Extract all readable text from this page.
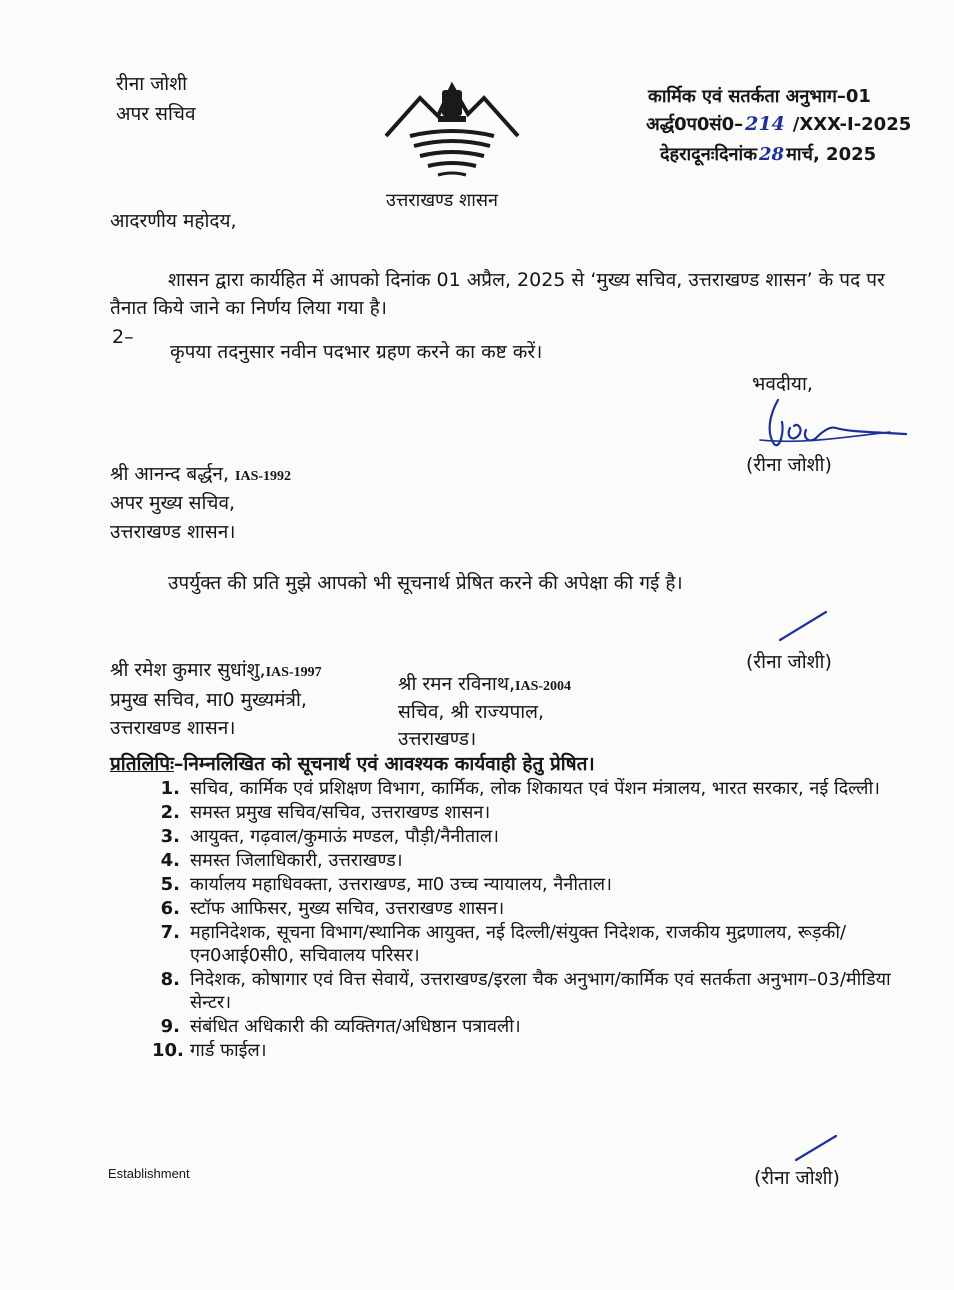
रीना जोशी
अपर सचिव
उत्तराखण्ड शासन
कार्मिक एवं सतर्कता अनुभाग–01
अर्द्ध0प0सं0– 214 /XXX-I-2025
देहरादूनःदिनांक 28 मार्च, 2025
आदरणीय महोदय,
शासन द्वारा कार्यहित में आपको दिनांक 01 अप्रैल, 2025 से ‘मुख्य सचिव, उत्तराखण्ड शासन’ के पद पर तैनात किये जाने का निर्णय लिया गया है।
2–
कृपया तदनुसार नवीन पदभार ग्रहण करने का कष्ट करें।
भवदीया,
(रीना जोशी)
श्री आनन्द बर्द्धन, IAS-1992
अपर मुख्य सचिव,
उत्तराखण्ड शासन।
उपर्युक्त की प्रति मुझे आपको भी सूचनार्थ प्रेषित करने की अपेक्षा की गई है।
(रीना जोशी)
श्री रमेश कुमार सुधांशु,IAS-1997
प्रमुख सचिव, मा0 मुख्यमंत्री,
उत्तराखण्ड शासन।
श्री रमन रविनाथ,IAS-2004
सचिव, श्री राज्यपाल,
उत्तराखण्ड।
प्रतिलिपिः–निम्नलिखित को सूचनार्थ एवं आवश्यक कार्यवाही हेतु प्रेषित।
1. सचिव, कार्मिक एवं प्रशिक्षण विभाग, कार्मिक, लोक शिकायत एवं पेंशन मंत्रालय, भारत सरकार, नई दिल्ली।
2. समस्त प्रमुख सचिव/सचिव, उत्तराखण्ड शासन।
3. आयुक्त, गढ़वाल/कुमाऊं मण्डल, पौड़ी/नैनीताल।
4. समस्त जिलाधिकारी, उत्तराखण्ड।
5. कार्यालय महाधिवक्ता, उत्तराखण्ड, मा0 उच्च न्यायालय, नैनीताल।
6. स्टॉफ आफिसर, मुख्य सचिव, उत्तराखण्ड शासन।
7. महानिदेशक, सूचना विभाग/स्थानिक आयुक्त, नई दिल्ली/संयुक्त निदेशक, राजकीय मुद्रणालय, रूड़की/एन0आई0सी0, सचिवालय परिसर।
8. निदेशक, कोषागार एवं वित्त सेवायें, उत्तराखण्ड/इरला चैक अनुभाग/कार्मिक एवं सतर्कता अनुभाग–03/मीडिया सेन्टर।
9. संबंधित अधिकारी की व्यक्तिगत/अधिष्ठान पत्रावली।
10. गार्ड फाईल।
Establishment	(रीना जोशी)
